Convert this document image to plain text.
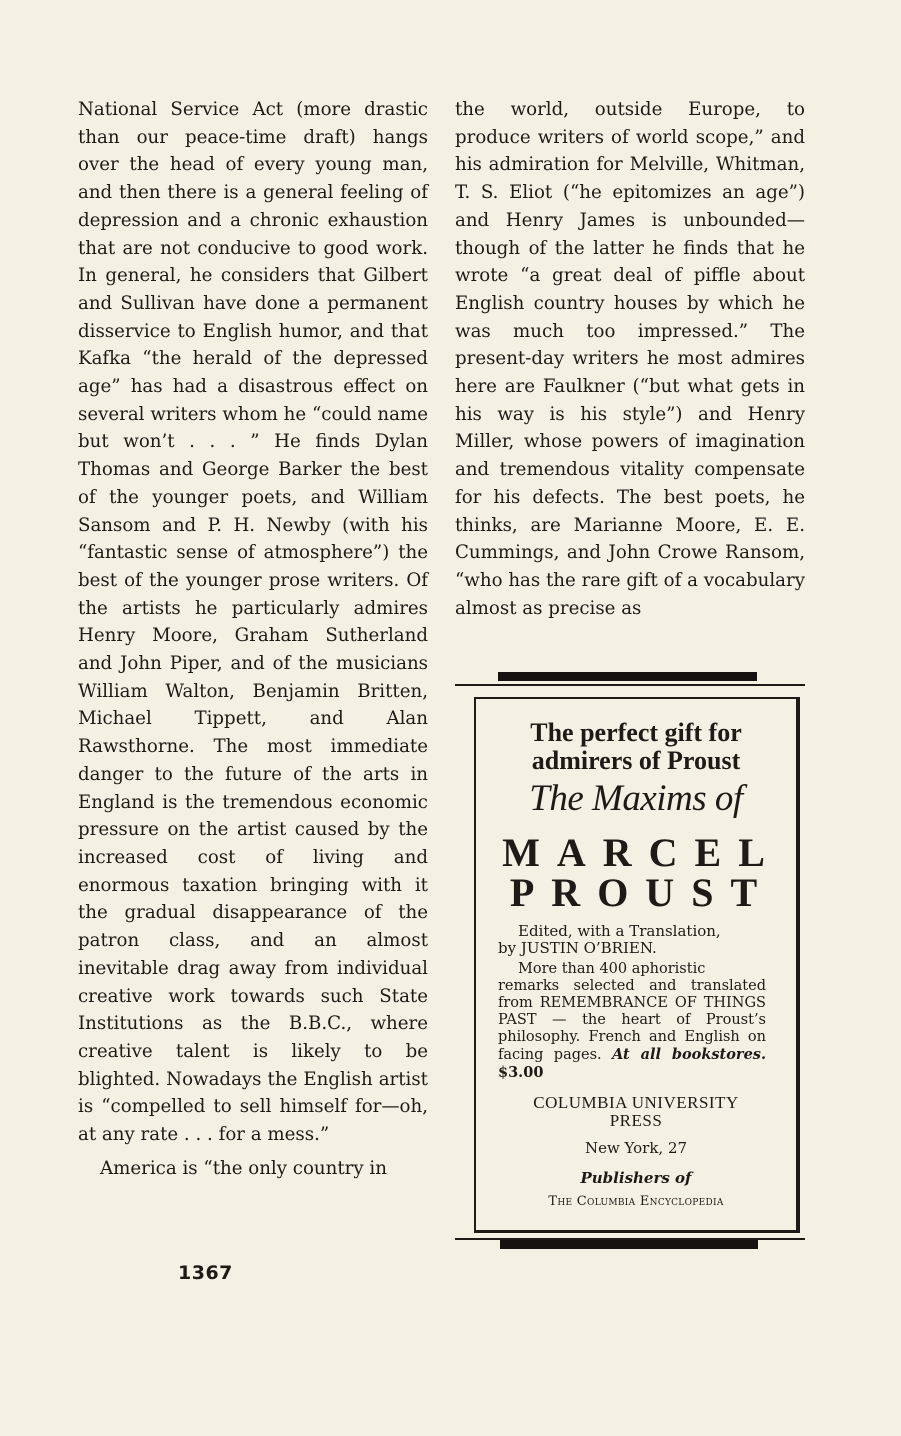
National Service Act (more drastic than our peace-time draft) hangs over the head of every young man, and then there is a general feeling of depression and a chronic exhaustion that are not conducive to good work. In general, he considers that Gilbert and Sullivan have done a permanent disservice to English humor, and that Kafka “the herald of the depressed age” has had a disastrous effect on several writers whom he “could name but won’t . . . ” He finds Dylan Thomas and George Barker the best of the younger poets, and William Sansom and P. H. Newby (with his “fantastic sense of atmosphere”) the best of the younger prose writers. Of the artists he particularly admires Henry Moore, Graham Sutherland and John Piper, and of the musicians William Walton, Benjamin Britten, Michael Tippett, and Alan Rawsthorne. The most immediate danger to the future of the arts in England is the tremendous economic pressure on the artist caused by the increased cost of living and enormous taxation bringing with it the gradual disappearance of the patron class, and an almost inevitable drag away from individual creative work towards such State Institutions as the B.B.C., where creative talent is likely to be blighted. Nowadays the English artist is “compelled to sell himself for—oh, at any rate . . . for a mess.”

America is “the only country in

1367

the world, outside Europe, to produce writers of world scope,” and his admiration for Melville, Whitman, T. S. Eliot (“he epitomizes an age”) and Henry James is unbounded—though of the latter he finds that he wrote “a great deal of piffle about English country houses by which he was much too impressed.” The present-day writers he most admires here are Faulkner (“but what gets in his way is his style”) and Henry Miller, whose powers of imagination and tremendous vitality compensate for his defects. The best poets, he thinks, are Marianne Moore, E. E. Cummings, and John Crowe Ransom, “who has the rare gift of a vocabulary almost as precise as

The perfect gift for
admirers of Proust
The Maxims of
MARCEL
PROUST
Edited, with a Translation,
by JUSTIN O’BRIEN.
More than 400 aphoristic
remarks selected and translated from REMEMBRANCE OF THINGS PAST — the heart of Proust’s philosophy. French and English on facing pages. At all bookstores. $3.00
COLUMBIA UNIVERSITY
PRESS
New York, 27
Publishers of
The Columbia Encyclopedia
